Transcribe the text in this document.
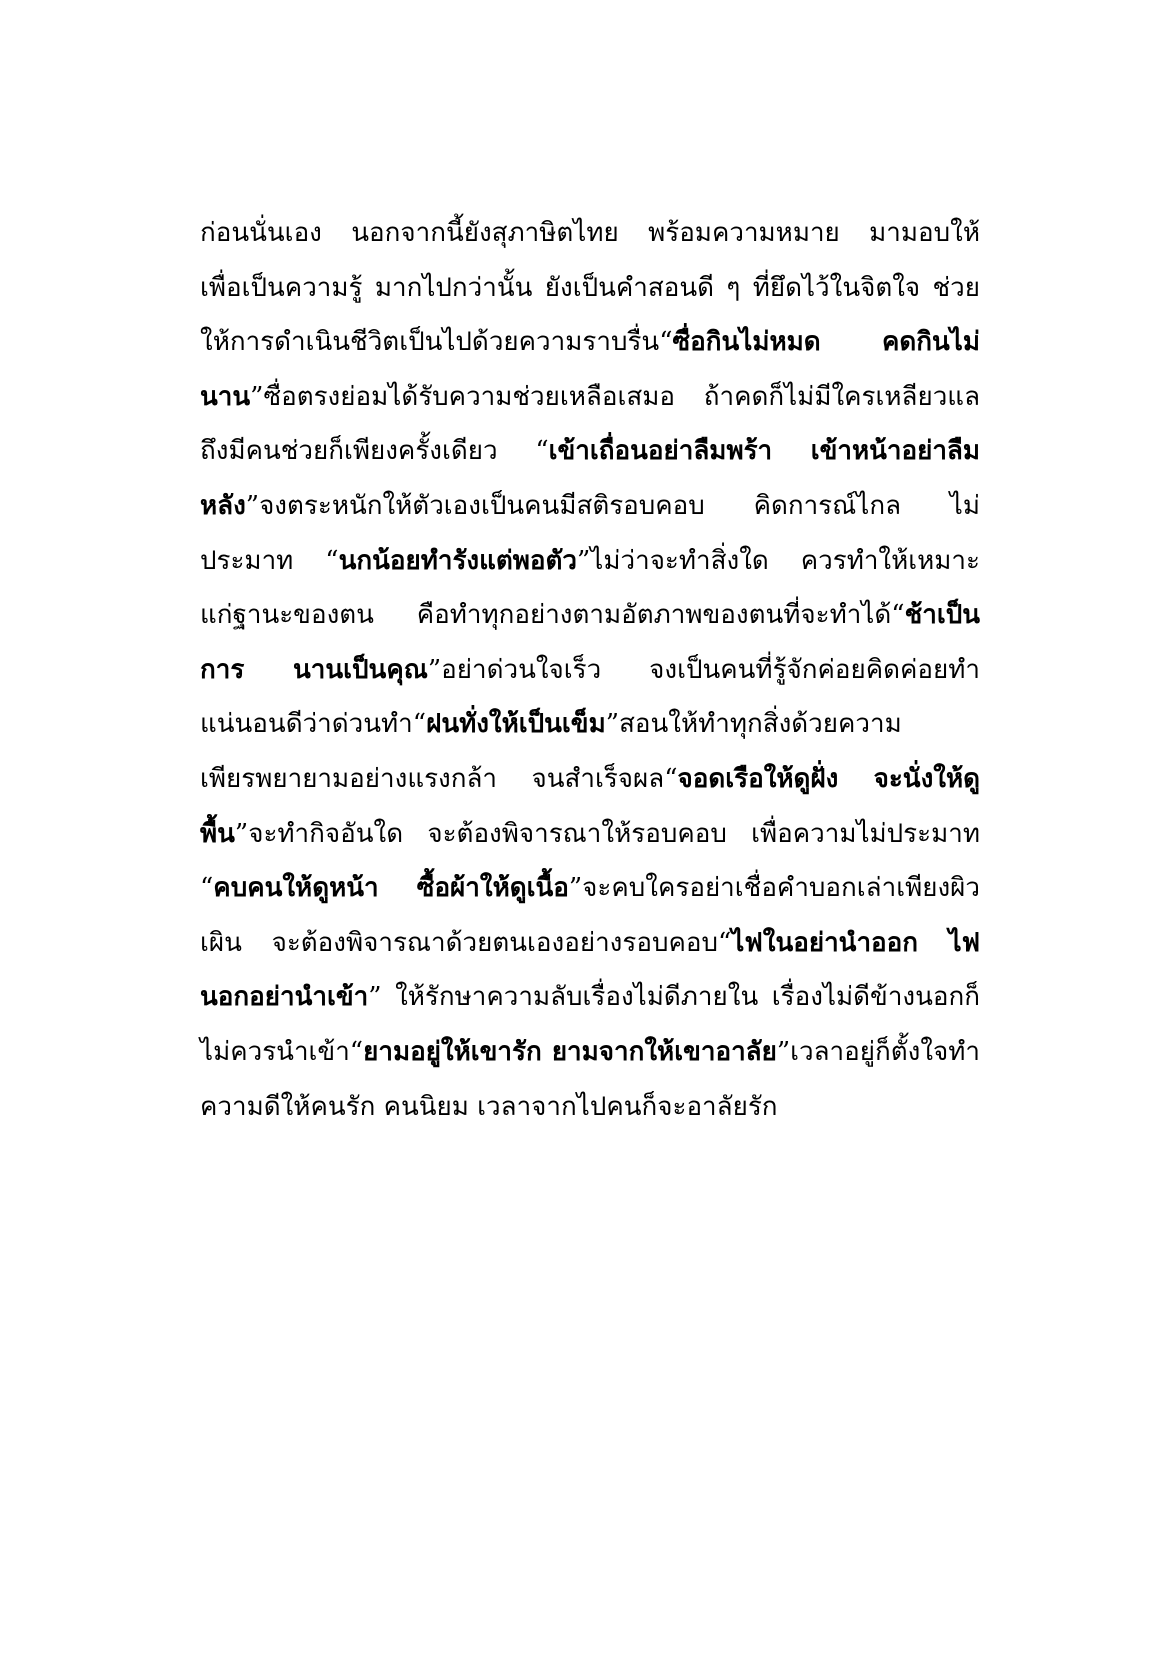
ก่อนนั่นเอง นอกจากนี้ยังสุภาษิตไทย พร้อมความหมาย มามอบให้
เพื่อเป็นความรู้ มากไปกว่านั้น ยังเป็นคำสอนดี ๆ ที่ยึดไว้ในจิตใจ ช่วย
ให้การดำเนินชีวิตเป็นไปด้วยความราบรื่น“ซื่อกินไม่หมด คดกินไม่
นาน”ซื่อตรงย่อมได้รับความช่วยเหลือเสมอ ถ้าคดก็ไม่มีใครเหลียวแล
ถึงมีคนช่วยก็เพียงครั้งเดียว “เข้าเถื่อนอย่าลืมพร้า เข้าหน้าอย่าลืม
หลัง”จงตระหนักให้ตัวเองเป็นคนมีสติรอบคอบ คิดการณ์ไกล ไม่
ประมาท “นกน้อยทำรังแต่พอตัว”ไม่ว่าจะทำสิ่งใด ควรทำให้เหมาะ
แก่ฐานะของตน คือทำทุกอย่างตามอัตภาพของตนที่จะทำได้“ช้าเป็น
การ นานเป็นคุณ”อย่าด่วนใจเร็ว จงเป็นคนที่รู้จักค่อยคิดค่อยทำ
แน่นอนดีว่าด่วนทำ“ฝนทั่งให้เป็นเข็ม”สอนให้ทำทุกสิ่งด้วยความ
เพียรพยายามอย่างแรงกล้า จนสำเร็จผล“จอดเรือให้ดูฝั่ง จะนั่งให้ดู
พื้น”จะทำกิจอันใด จะต้องพิจารณาให้รอบคอบ เพื่อความไม่ประมาท
“คบคนให้ดูหน้า ซื้อผ้าให้ดูเนื้อ”จะคบใครอย่าเชื่อคำบอกเล่าเพียงผิว
เผิน จะต้องพิจารณาด้วยตนเองอย่างรอบคอบ“ไฟในอย่านำออก ไฟ
นอกอย่านำเข้า” ให้รักษาความลับเรื่องไม่ดีภายใน เรื่องไม่ดีข้างนอกก็
ไม่ควรนำเข้า“ยามอยู่ให้เขารัก ยามจากให้เขาอาลัย”เวลาอยู่ก็ตั้งใจทำ
ความดีให้คนรัก คนนิยม เวลาจากไปคนก็จะอาลัยรัก
